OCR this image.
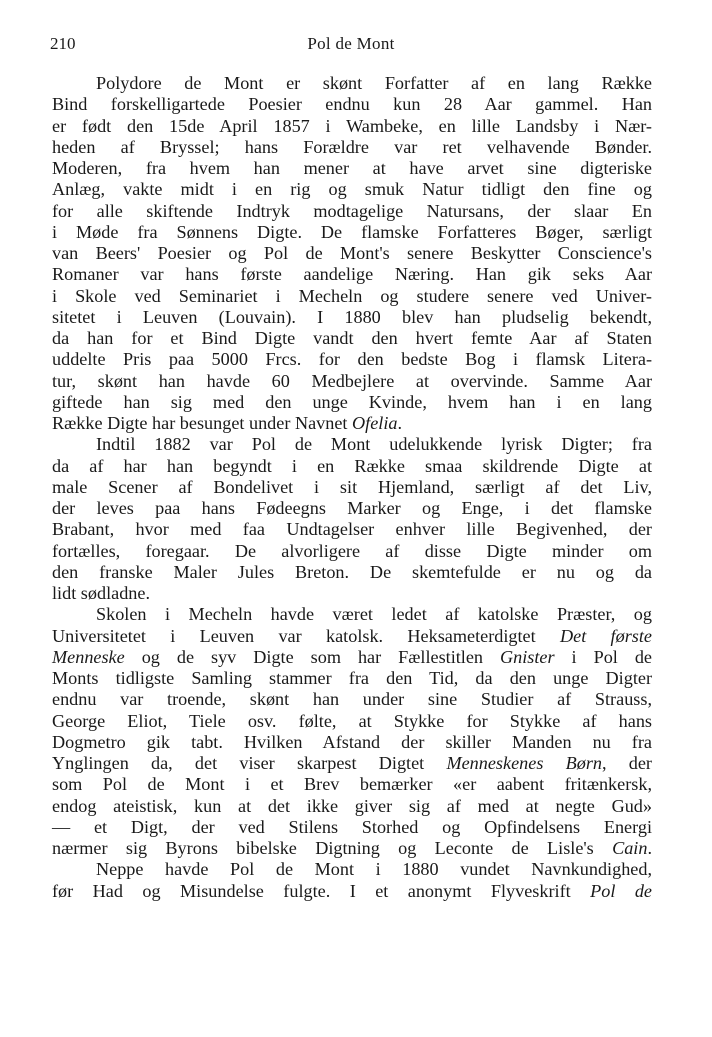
210	Pol de Mont
Polydore de Mont er skønt Forfatter af en lang Række
Bind forskelligartede Poesier endnu kun 28 Aar gammel. Han
er født den 15de April 1857 i Wambeke, en lille Landsby i Nær-
heden af Bryssel; hans Forældre var ret velhavende Bønder.
Moderen, fra hvem han mener at have arvet sine digteriske
Anlæg, vakte midt i en rig og smuk Natur tidligt den fine og
for alle skiftende Indtryk modtagelige Natursans, der slaar En
i Møde fra Sønnens Digte. De flamske Forfatteres Bøger, særligt
van Beers' Poesier og Pol de Mont's senere Beskytter Conscience's
Romaner var hans første aandelige Næring. Han gik seks Aar
i Skole ved Seminariet i Mecheln og studere senere ved Univer-
sitetet i Leuven (Louvain). I 1880 blev han pludselig bekendt,
da han for et Bind Digte vandt den hvert femte Aar af Staten
uddelte Pris paa 5000 Frcs. for den bedste Bog i flamsk Litera-
tur, skønt han havde 60 Medbejlere at overvinde. Samme Aar
giftede han sig med den unge Kvinde, hvem han i en lang
Række Digte har besunget under Navnet Ofelia.
Indtil 1882 var Pol de Mont udelukkende lyrisk Digter; fra
da af har han begyndt i en Række smaa skildrende Digte at
male Scener af Bondelivet i sit Hjemland, særligt af det Liv,
der leves paa hans Fødeegns Marker og Enge, i det flamske
Brabant, hvor med faa Undtagelser enhver lille Begivenhed, der
fortælles, foregaar. De alvorligere af disse Digte minder om
den franske Maler Jules Breton. De skemtefulde er nu og da
lidt sødladne.
Skolen i Mecheln havde været ledet af katolske Præster, og
Universitetet i Leuven var katolsk. Heksameterdigtet Det første
Menneske og de syv Digte som har Fællestitlen Gnister i Pol de
Monts tidligste Samling stammer fra den Tid, da den unge Digter
endnu var troende, skønt han under sine Studier af Strauss,
George Eliot, Tiele osv. følte, at Stykke for Stykke af hans
Dogmetro gik tabt. Hvilken Afstand der skiller Manden nu fra
Ynglingen da, det viser skarpest Digtet Menneskenes Børn, der
som Pol de Mont i et Brev bemærker «er aabent fritænkersk,
endog ateistisk, kun at det ikke giver sig af med at negte Gud»
— et Digt, der ved Stilens Storhed og Opfindelsens Energi
nærmer sig Byrons bibelske Digtning og Leconte de Lisle's Cain.
Neppe havde Pol de Mont i 1880 vundet Navnkundighed,
før Had og Misundelse fulgte. I et anonymt Flyveskrift Pol de
